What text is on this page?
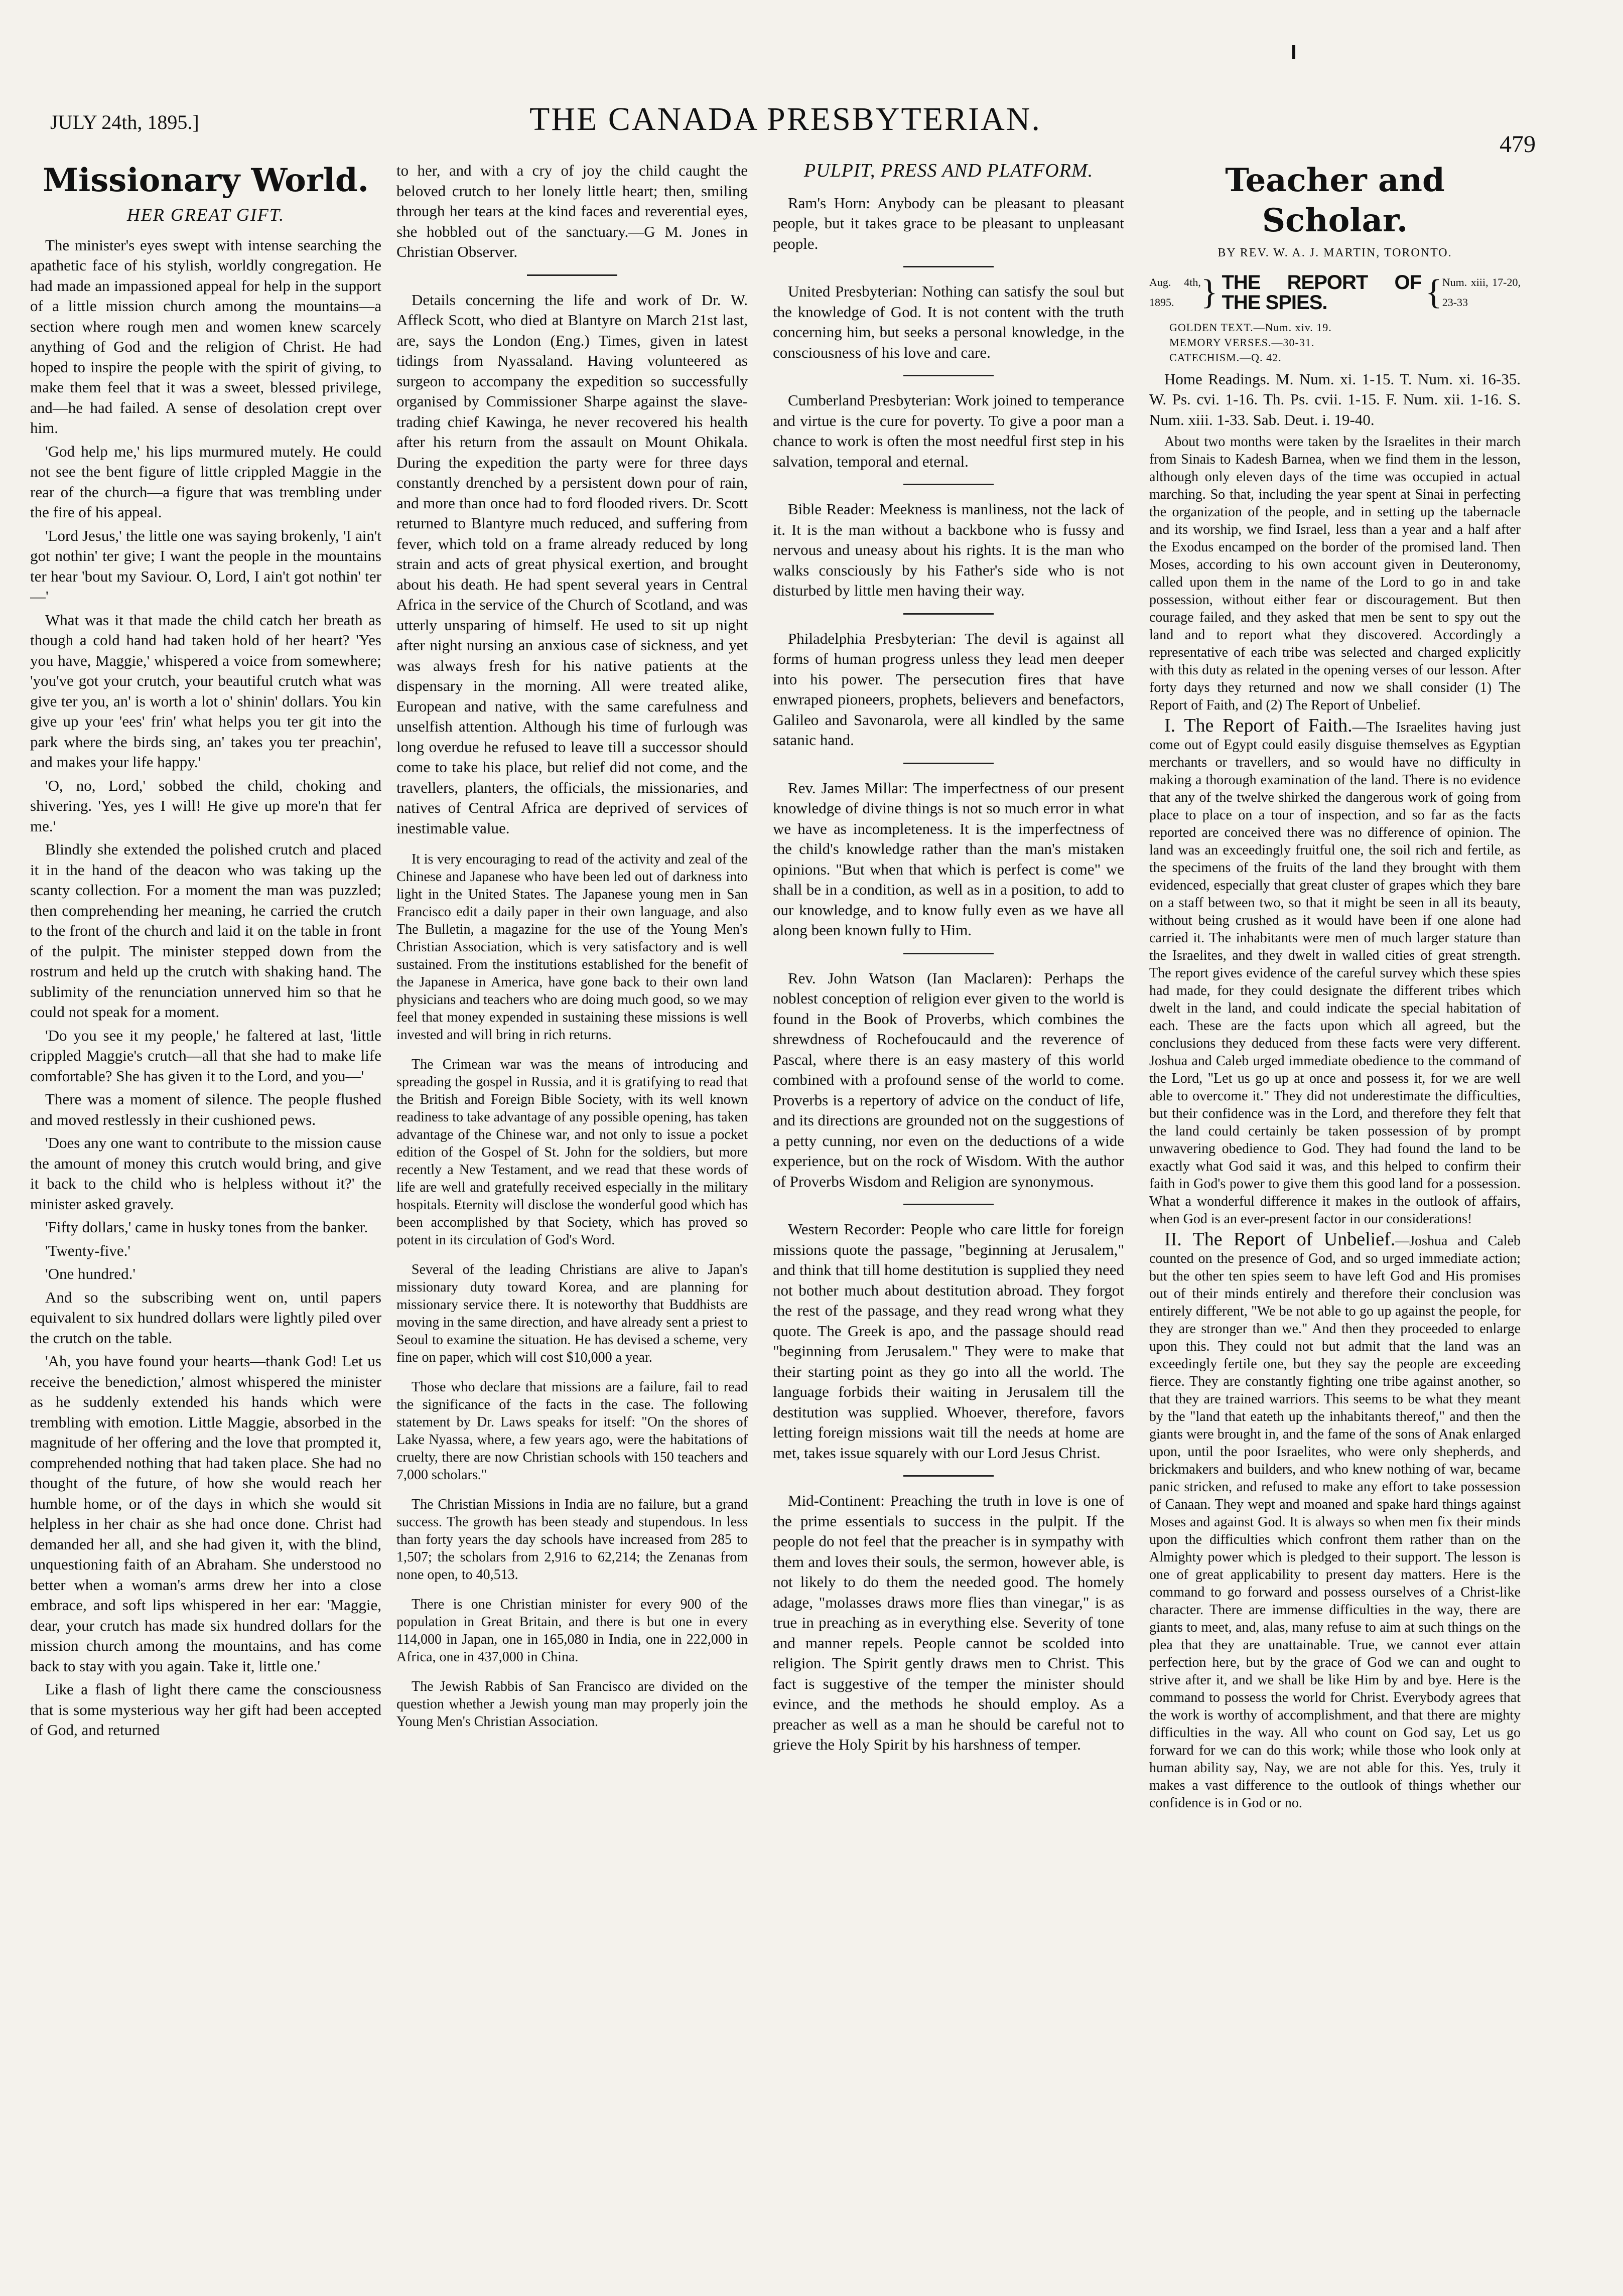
JULY 24th, 1895.]	THE CANADA PRESBYTERIAN.
479
Missionary World.
HER GREAT GIFT.

The minister's eyes swept with intense searching the apathetic face of his stylish, worldly congregation. He had made an impassioned appeal for help in the support of a little mission church among the mountains—a section where rough men and women knew scarcely anything of God and the religion of Christ. He had hoped to inspire the people with the spirit of giving, to make them feel that it was a sweet, blessed privilege, and—he had failed. A sense of desolation crept over him.

'God help me,' his lips murmured mutely. He could not see the bent figure of little crippled Maggie in the rear of the church—a figure that was trembling under the fire of his appeal.

'Lord Jesus,' the little one was saying brokenly, 'I ain't got nothin' ter give; I want the people in the mountains ter hear 'bout my Saviour. O, Lord, I ain't got nothin' ter—'

What was it that made the child catch her breath as though a cold hand had taken hold of her heart? 'Yes you have, Maggie,' whispered a voice from somewhere; 'you've got your crutch, your beautiful crutch what was give ter you, an' is worth a lot o' shinin' dollars. You kin give up your 'ees' frin' what helps you ter git into the park where the birds sing, an' takes you ter preachin', and makes your life happy.'

'O, no, Lord,' sobbed the child, choking and shivering. 'Yes, yes I will! He give up more'n that fer me.'

Blindly she extended the polished crutch and placed it in the hand of the deacon who was taking up the scanty collection. For a moment the man was puzzled; then comprehending her meaning, he carried the crutch to the front of the church and laid it on the table in front of the pulpit. The minister stepped down from the rostrum and held up the crutch with shaking hand. The sublimity of the renunciation unnerved him so that he could not speak for a moment.

'Do you see it my people,' he faltered at last, 'little crippled Maggie's crutch—all that she had to make life comfortable? She has given it to the Lord, and you—'

There was a moment of silence. The people flushed and moved restlessly in their cushioned pews.

'Does any one want to contribute to the mission cause the amount of money this crutch would bring, and give it back to the child who is helpless without it?' the minister asked gravely.

'Fifty dollars,' came in husky tones from the banker.

'Twenty-five.'

'One hundred.'

And so the subscribing went on, until papers equivalent to six hundred dollars were lightly piled over the crutch on the table.

'Ah, you have found your hearts—thank God! Let us receive the benediction,' almost whispered the minister as he suddenly extended his hands which were trembling with emotion. Little Maggie, absorbed in the magnitude of her offering and the love that prompted it, comprehended nothing that had taken place. She had no thought of the future, of how she would reach her humble home, or of the days in which she would sit helpless in her chair as she had once done. Christ had demanded her all, and she had given it, with the blind, unquestioning faith of an Abraham. She understood no better when a woman's arms drew her into a close embrace, and soft lips whispered in her ear: 'Maggie, dear, your crutch has made six hundred dollars for the mission church among the mountains, and has come back to stay with you again. Take it, little one.'

Like a flash of light there came the consciousness that is some mysterious way her gift had been accepted of God, and returned

to her, and with a cry of joy the child caught the beloved crutch to her lonely little heart; then, smiling through her tears at the kind faces and reverential eyes, she hobbled out of the sanctuary.—G M. Jones in Christian Observer.

Details concerning the life and work of Dr. W. Affleck Scott, who died at Blantyre on March 21st last, are, says the London (Eng.) Times, given in latest tidings from Nyassaland. Having volunteered as surgeon to accompany the expedition so successfully organised by Commissioner Sharpe against the slave-trading chief Kawinga, he never recovered his health after his return from the assault on Mount Ohikala. During the expedition the party were for three days constantly drenched by a persistent down pour of rain, and more than once had to ford flooded rivers. Dr. Scott returned to Blantyre much reduced, and suffering from fever, which told on a frame already reduced by long strain and acts of great physical exertion, and brought about his death. He had spent several years in Central Africa in the service of the Church of Scotland, and was utterly unsparing of himself. He used to sit up night after night nursing an anxious case of sickness, and yet was always fresh for his native patients at the dispensary in the morning. All were treated alike, European and native, with the same carefulness and unselfish attention. Although his time of furlough was long overdue he refused to leave till a successor should come to take his place, but relief did not come, and the travellers, planters, the officials, the missionaries, and natives of Central Africa are deprived of services of inestimable value.

It is very encouraging to read of the activity and zeal of the Chinese and Japanese who have been led out of darkness into light in the United States. The Japanese young men in San Francisco edit a daily paper in their own language, and also The Bulletin, a magazine for the use of the Young Men's Christian Association, which is very satisfactory and is well sustained. From the institutions established for the benefit of the Japanese in America, have gone back to their own land physicians and teachers who are doing much good, so we may feel that money expended in sustaining these missions is well invested and will bring in rich returns.

The Crimean war was the means of introducing and spreading the gospel in Russia, and it is gratifying to read that the British and Foreign Bible Society, with its well known readiness to take advantage of any possible opening, has taken advantage of the Chinese war, and not only to issue a pocket edition of the Gospel of St. John for the soldiers, but more recently a New Testament, and we read that these words of life are well and gratefully received especially in the military hospitals. Eternity will disclose the wonderful good which has been accomplished by that Society, which has proved so potent in its circulation of God's Word.

Several of the leading Christians are alive to Japan's missionary duty toward Korea, and are planning for missionary service there. It is noteworthy that Buddhists are moving in the same direction, and have already sent a priest to Seoul to examine the situation. He has devised a scheme, very fine on paper, which will cost $10,000 a year.

Those who declare that missions are a failure, fail to read the significance of the facts in the case. The following statement by Dr. Laws speaks for itself: "On the shores of Lake Nyassa, where, a few years ago, were the habitations of cruelty, there are now Christian schools with 150 teachers and 7,000 scholars."

The Christian Missions in India are no failure, but a grand success. The growth has been steady and stupendous. In less than forty years the day schools have increased from 285 to 1,507; the scholars from 2,916 to 62,214; the Zenanas from none open, to 40,513.

There is one Christian minister for every 900 of the population in Great Britain, and there is but one in every 114,000 in Japan, one in 165,080 in India, one in 222,000 in Africa, one in 437,000 in China.

The Jewish Rabbis of San Francisco are divided on the question whether a Jewish young man may properly join the Young Men's Christian Association.

PULPIT, PRESS AND PLATFORM.

Ram's Horn: Anybody can be pleasant to pleasant people, but it takes grace to be pleasant to unpleasant people.

United Presbyterian: Nothing can satisfy the soul but the knowledge of God. It is not content with the truth concerning him, but seeks a personal knowledge, in the consciousness of his love and care.

Cumberland Presbyterian: Work joined to temperance and virtue is the cure for poverty. To give a poor man a chance to work is often the most needful first step in his salvation, temporal and eternal.

Bible Reader: Meekness is manliness, not the lack of it. It is the man without a backbone who is fussy and nervous and uneasy about his rights. It is the man who walks consciously by his Father's side who is not disturbed by little men having their way.

Philadelphia Presbyterian: The devil is against all forms of human progress unless they lead men deeper into his power. The persecution fires that have enwraped pioneers, prophets, believers and benefactors, Galileo and Savonarola, were all kindled by the same satanic hand.

Rev. James Millar: The imperfectness of our present knowledge of divine things is not so much error in what we have as incompleteness. It is the imperfectness of the child's knowledge rather than the man's mistaken opinions. "But when that which is perfect is come" we shall be in a condition, as well as in a position, to add to our knowledge, and to know fully even as we have all along been known fully to Him.

Rev. John Watson (Ian Maclaren): Perhaps the noblest conception of religion ever given to the world is found in the Book of Proverbs, which combines the shrewdness of Rochefoucauld and the reverence of Pascal, where there is an easy mastery of this world combined with a profound sense of the world to come. Proverbs is a repertory of advice on the conduct of life, and its directions are grounded not on the suggestions of a petty cunning, nor even on the deductions of a wide experience, but on the rock of Wisdom. With the author of Proverbs Wisdom and Religion are synonymous.

Western Recorder: People who care little for foreign missions quote the passage, "beginning at Jerusalem," and think that till home destitution is supplied they need not bother much about destitution abroad. They forgot the rest of the passage, and they read wrong what they quote. The Greek is apo, and the passage should read "beginning from Jerusalem." They were to make that their starting point as they go into all the world. The language forbids their waiting in Jerusalem till the destitution was supplied. Whoever, therefore, favors letting foreign missions wait till the needs at home are met, takes issue squarely with our Lord Jesus Christ.

Mid-Continent: Preaching the truth in love is one of the prime essentials to success in the pulpit. If the people do not feel that the preacher is in sympathy with them and loves their souls, the sermon, however able, is not likely to do them the needed good. The homely adage, "molasses draws more flies than vinegar," is as true in preaching as in everything else. Severity of tone and manner repels. People cannot be scolded into religion. The Spirit gently draws men to Christ. This fact is suggestive of the temper the minister should evince, and the methods he should employ. As a preacher as well as a man he should be careful not to grieve the Holy Spirit by his harshness of temper.

Teacher and Scholar.
BY REV. W. A. J. MARTIN, TORONTO.
Aug. 4th, 1895. } THE REPORT OF THE SPIES.	{ Num. xiii, 17-20, 23-33
GOLDEN TEXT.—Num. xiv. 19.
MEMORY VERSES.—30-31.
CATECHISM.—Q. 42.

Home Readings. M. Num. xi. 1-15. T. Num. xi. 16-35. W. Ps. cvi. 1-16. Th. Ps. cvii. 1-15. F. Num. xii. 1-16. S. Num. xiii. 1-33. Sab. Deut. i. 19-40.

About two months were taken by the Israelites in their march from Sinais to Kadesh Barnea, when we find them in the lesson, although only eleven days of the time was occupied in actual marching. So that, including the year spent at Sinai in perfecting the organization of the people, and in setting up the tabernacle and its worship, we find Israel, less than a year and a half after the Exodus encamped on the border of the promised land. Then Moses, according to his own account given in Deuteronomy, called upon them in the name of the Lord to go in and take possession, without either fear or discouragement. But then courage failed, and they asked that men be sent to spy out the land and to report what they discovered. Accordingly a representative of each tribe was selected and charged explicitly with this duty as related in the opening verses of our lesson. After forty days they returned and now we shall consider (1) The Report of Faith, and (2) The Report of Unbelief.

I. The Report of Faith.—The Israelites having just come out of Egypt could easily disguise themselves as Egyptian merchants or travellers, and so would have no difficulty in making a thorough examination of the land. There is no evidence that any of the twelve shirked the dangerous work of going from place to place on a tour of inspection, and so far as the facts reported are conceived there was no difference of opinion. The land was an exceedingly fruitful one, the soil rich and fertile, as the specimens of the fruits of the land they brought with them evidenced, especially that great cluster of grapes which they bare on a staff between two, so that it might be seen in all its beauty, without being crushed as it would have been if one alone had carried it. The inhabitants were men of much larger stature than the Israelites, and they dwelt in walled cities of great strength. The report gives evidence of the careful survey which these spies had made, for they could designate the different tribes which dwelt in the land, and could indicate the special habitation of each. These are the facts upon which all agreed, but the conclusions they deduced from these facts were very different. Joshua and Caleb urged immediate obedience to the command of the Lord, "Let us go up at once and possess it, for we are well able to overcome it." They did not underestimate the difficulties, but their confidence was in the Lord, and therefore they felt that the land could certainly be taken possession of by prompt unwavering obedience to God. They had found the land to be exactly what God said it was, and this helped to confirm their faith in God's power to give them this good land for a possession. What a wonderful difference it makes in the outlook of affairs, when God is an ever-present factor in our considerations!

II. The Report of Unbelief.—Joshua and Caleb counted on the presence of God, and so urged immediate action; but the other ten spies seem to have left God and His promises out of their minds entirely and therefore their conclusion was entirely different, "We be not able to go up against the people, for they are stronger than we." And then they proceeded to enlarge upon this. They could not but admit that the land was an exceedingly fertile one, but they say the people are exceeding fierce. They are constantly fighting one tribe against another, so that they are trained warriors. This seems to be what they meant by the "land that eateth up the inhabitants thereof," and then the giants were brought in, and the fame of the sons of Anak enlarged upon, until the poor Israelites, who were only shepherds, and brickmakers and builders, and who knew nothing of war, became panic stricken, and refused to make any effort to take possession of Canaan. They wept and moaned and spake hard things against Moses and against God. It is always so when men fix their minds upon the difficulties which confront them rather than on the Almighty power which is pledged to their support. The lesson is one of great applicability to present day matters. Here is the command to go forward and possess ourselves of a Christ-like character. There are immense difficulties in the way, there are giants to meet, and, alas, many refuse to aim at such things on the plea that they are unattainable. True, we cannot ever attain perfection here, but by the grace of God we can and ought to strive after it, and we shall be like Him by and bye. Here is the command to possess the world for Christ. Everybody agrees that the work is worthy of accomplishment, and that there are mighty difficulties in the way. All who count on God say, Let us go forward for we can do this work; while those who look only at human ability say, Nay, we are not able for this. Yes, truly it makes a vast difference to the outlook of things whether our confidence is in God or no.
